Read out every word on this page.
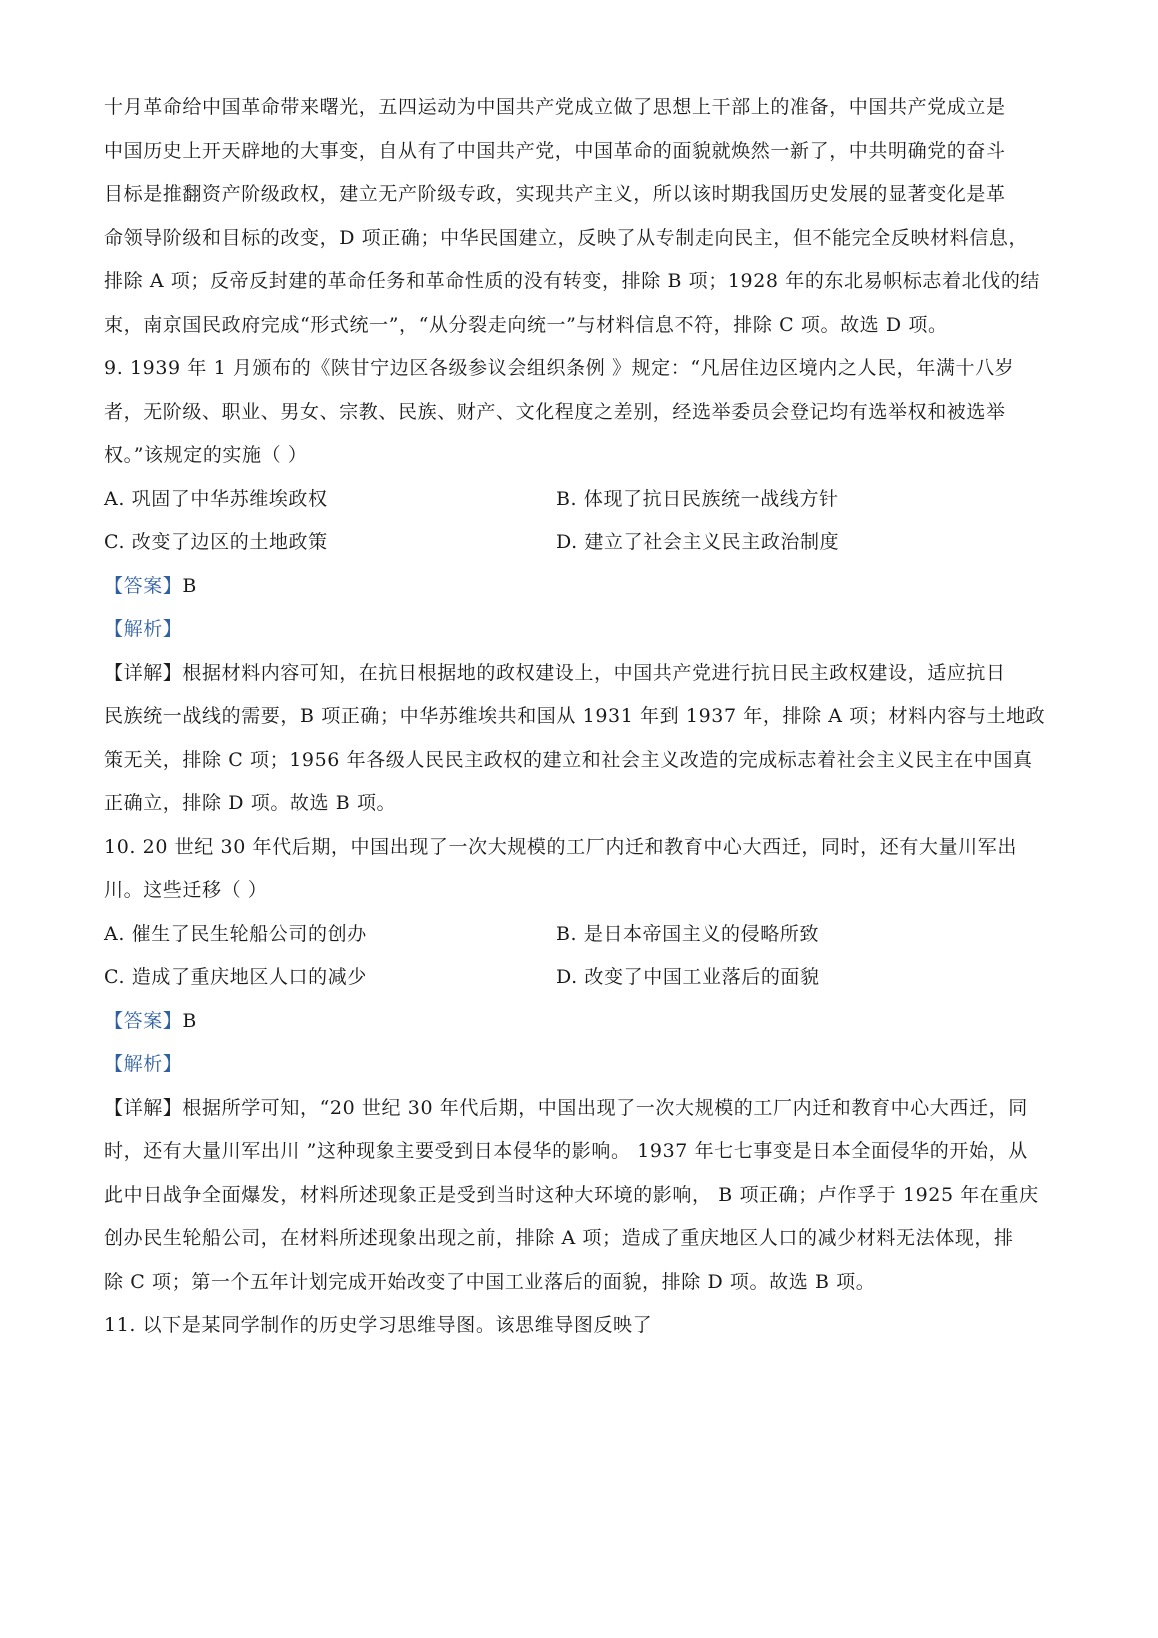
十月革命给中国革命带来曙光，五四运动为中国共产党成立做了思想上干部上的准备，中国共产党成立是
中国历史上开天辟地的大事变，自从有了中国共产党，中国革命的面貌就焕然一新了，中共明确党的奋斗
目标是推翻资产阶级政权，建立无产阶级专政，实现共产主义，所以该时期我国历史发展的显著变化是革
命领导阶级和目标的改变，D 项正确；中华民国建立，反映了从专制走向民主，但不能完全反映材料信息，
排除 A 项；反帝反封建的革命任务和革命性质的没有转变，排除 B 项；1928 年的东北易帜标志着北伐的结
束，南京国民政府完成“形式统一”，“从分裂走向统一”与材料信息不符，排除 C 项。故选 D 项。
9. 1939 年 1 月颁布的《陕甘宁边区各级参议会组织条例 》规定：“凡居住边区境内之人民，年满十八岁
者，无阶级、职业、男女、宗教、民族、财产、文化程度之差别，经选举委员会登记均有选举权和被选举
权。”该规定的实施（ ）
A. 巩固了中华苏维埃政权	B. 体现了抗日民族统一战线方针
C. 改变了边区的土地政策	D. 建立了社会主义民主政治制度
【答案】B
【解析】
【详解】根据材料内容可知，在抗日根据地的政权建设上，中国共产党进行抗日民主政权建设，适应抗日
民族统一战线的需要，B 项正确；中华苏维埃共和国从 1931 年到 1937 年，排除 A 项；材料内容与土地政
策无关，排除 C 项；1956 年各级人民民主政权的建立和社会主义改造的完成标志着社会主义民主在中国真
正确立，排除 D 项。故选 B 项。
10. 20 世纪 30 年代后期，中国出现了一次大规模的工厂内迁和教育中心大西迁，同时，还有大量川军出
川。这些迁移（ ）
A. 催生了民生轮船公司的创办	B. 是日本帝国主义的侵略所致
C. 造成了重庆地区人口的减少	D. 改变了中国工业落后的面貌
【答案】B
【解析】
【详解】根据所学可知，“20 世纪 30 年代后期，中国出现了一次大规模的工厂内迁和教育中心大西迁，同
时，还有大量川军出川 ”这种现象主要受到日本侵华的影响。 1937 年七七事变是日本全面侵华的开始，从
此中日战争全面爆发，材料所述现象正是受到当时这种大环境的影响， B 项正确；卢作孚于 1925 年在重庆
创办民生轮船公司，在材料所述现象出现之前，排除 A 项；造成了重庆地区人口的减少材料无法体现，排
除 C 项；第一个五年计划完成开始改变了中国工业落后的面貌，排除 D 项。故选 B 项。
11. 以下是某同学制作的历史学习思维导图。该思维导图反映了
